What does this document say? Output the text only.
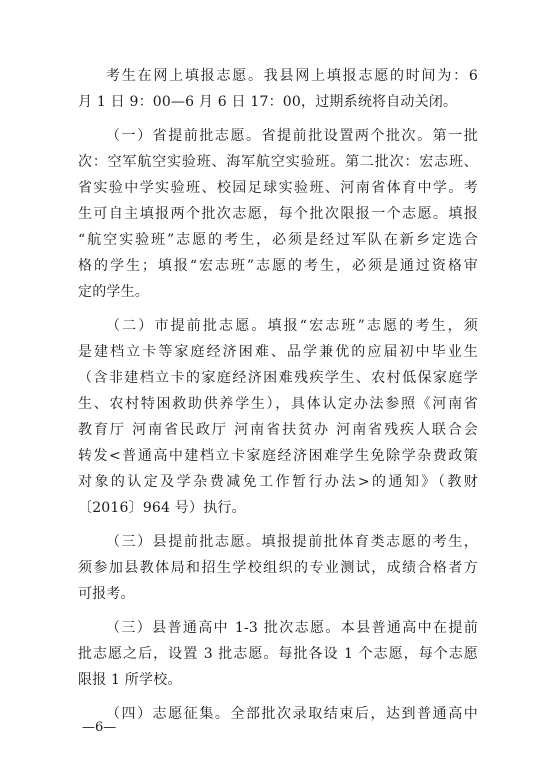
考生在网上填报志愿。我县网上填报志愿的时间为：6
月 1 日 9：00—6 月 6 日 17：00，过期系统将自动关闭。
（一）省提前批志愿。省提前批设置两个批次。第一批
次：空军航空实验班、海军航空实验班。第二批次：宏志班、
省实验中学实验班、校园足球实验班、河南省体育中学。考
生可自主填报两个批次志愿，每个批次限报一个志愿。填报
“航空实验班”志愿的考生，必须是经过军队在新乡定选合
格的学生；填报“宏志班”志愿的考生，必须是通过资格审
定的学生。
（二）市提前批志愿。填报“宏志班”志愿的考生，须
是建档立卡等家庭经济困难、品学兼优的应届初中毕业生
（含非建档立卡的家庭经济困难残疾学生、农村低保家庭学
生、农村特困救助供养学生），具体认定办法参照《河南省
教育厅 河南省民政厅 河南省扶贫办 河南省残疾人联合会
转发<普通高中建档立卡家庭经济困难学生免除学杂费政策
对象的认定及学杂费减免工作暂行办法>的通知》（教财
〔2016〕964 号）执行。
（三）县提前批志愿。填报提前批体育类志愿的考生，
须参加县教体局和招生学校组织的专业测试，成绩合格者方
可报考。
（三）县普通高中 1-3 批次志愿。本县普通高中在提前
批志愿之后，设置 3 批志愿。每批各设 1 个志愿，每个志愿
限报 1 所学校。
（四）志愿征集。全部批次录取结束后，达到普通高中
—6—
